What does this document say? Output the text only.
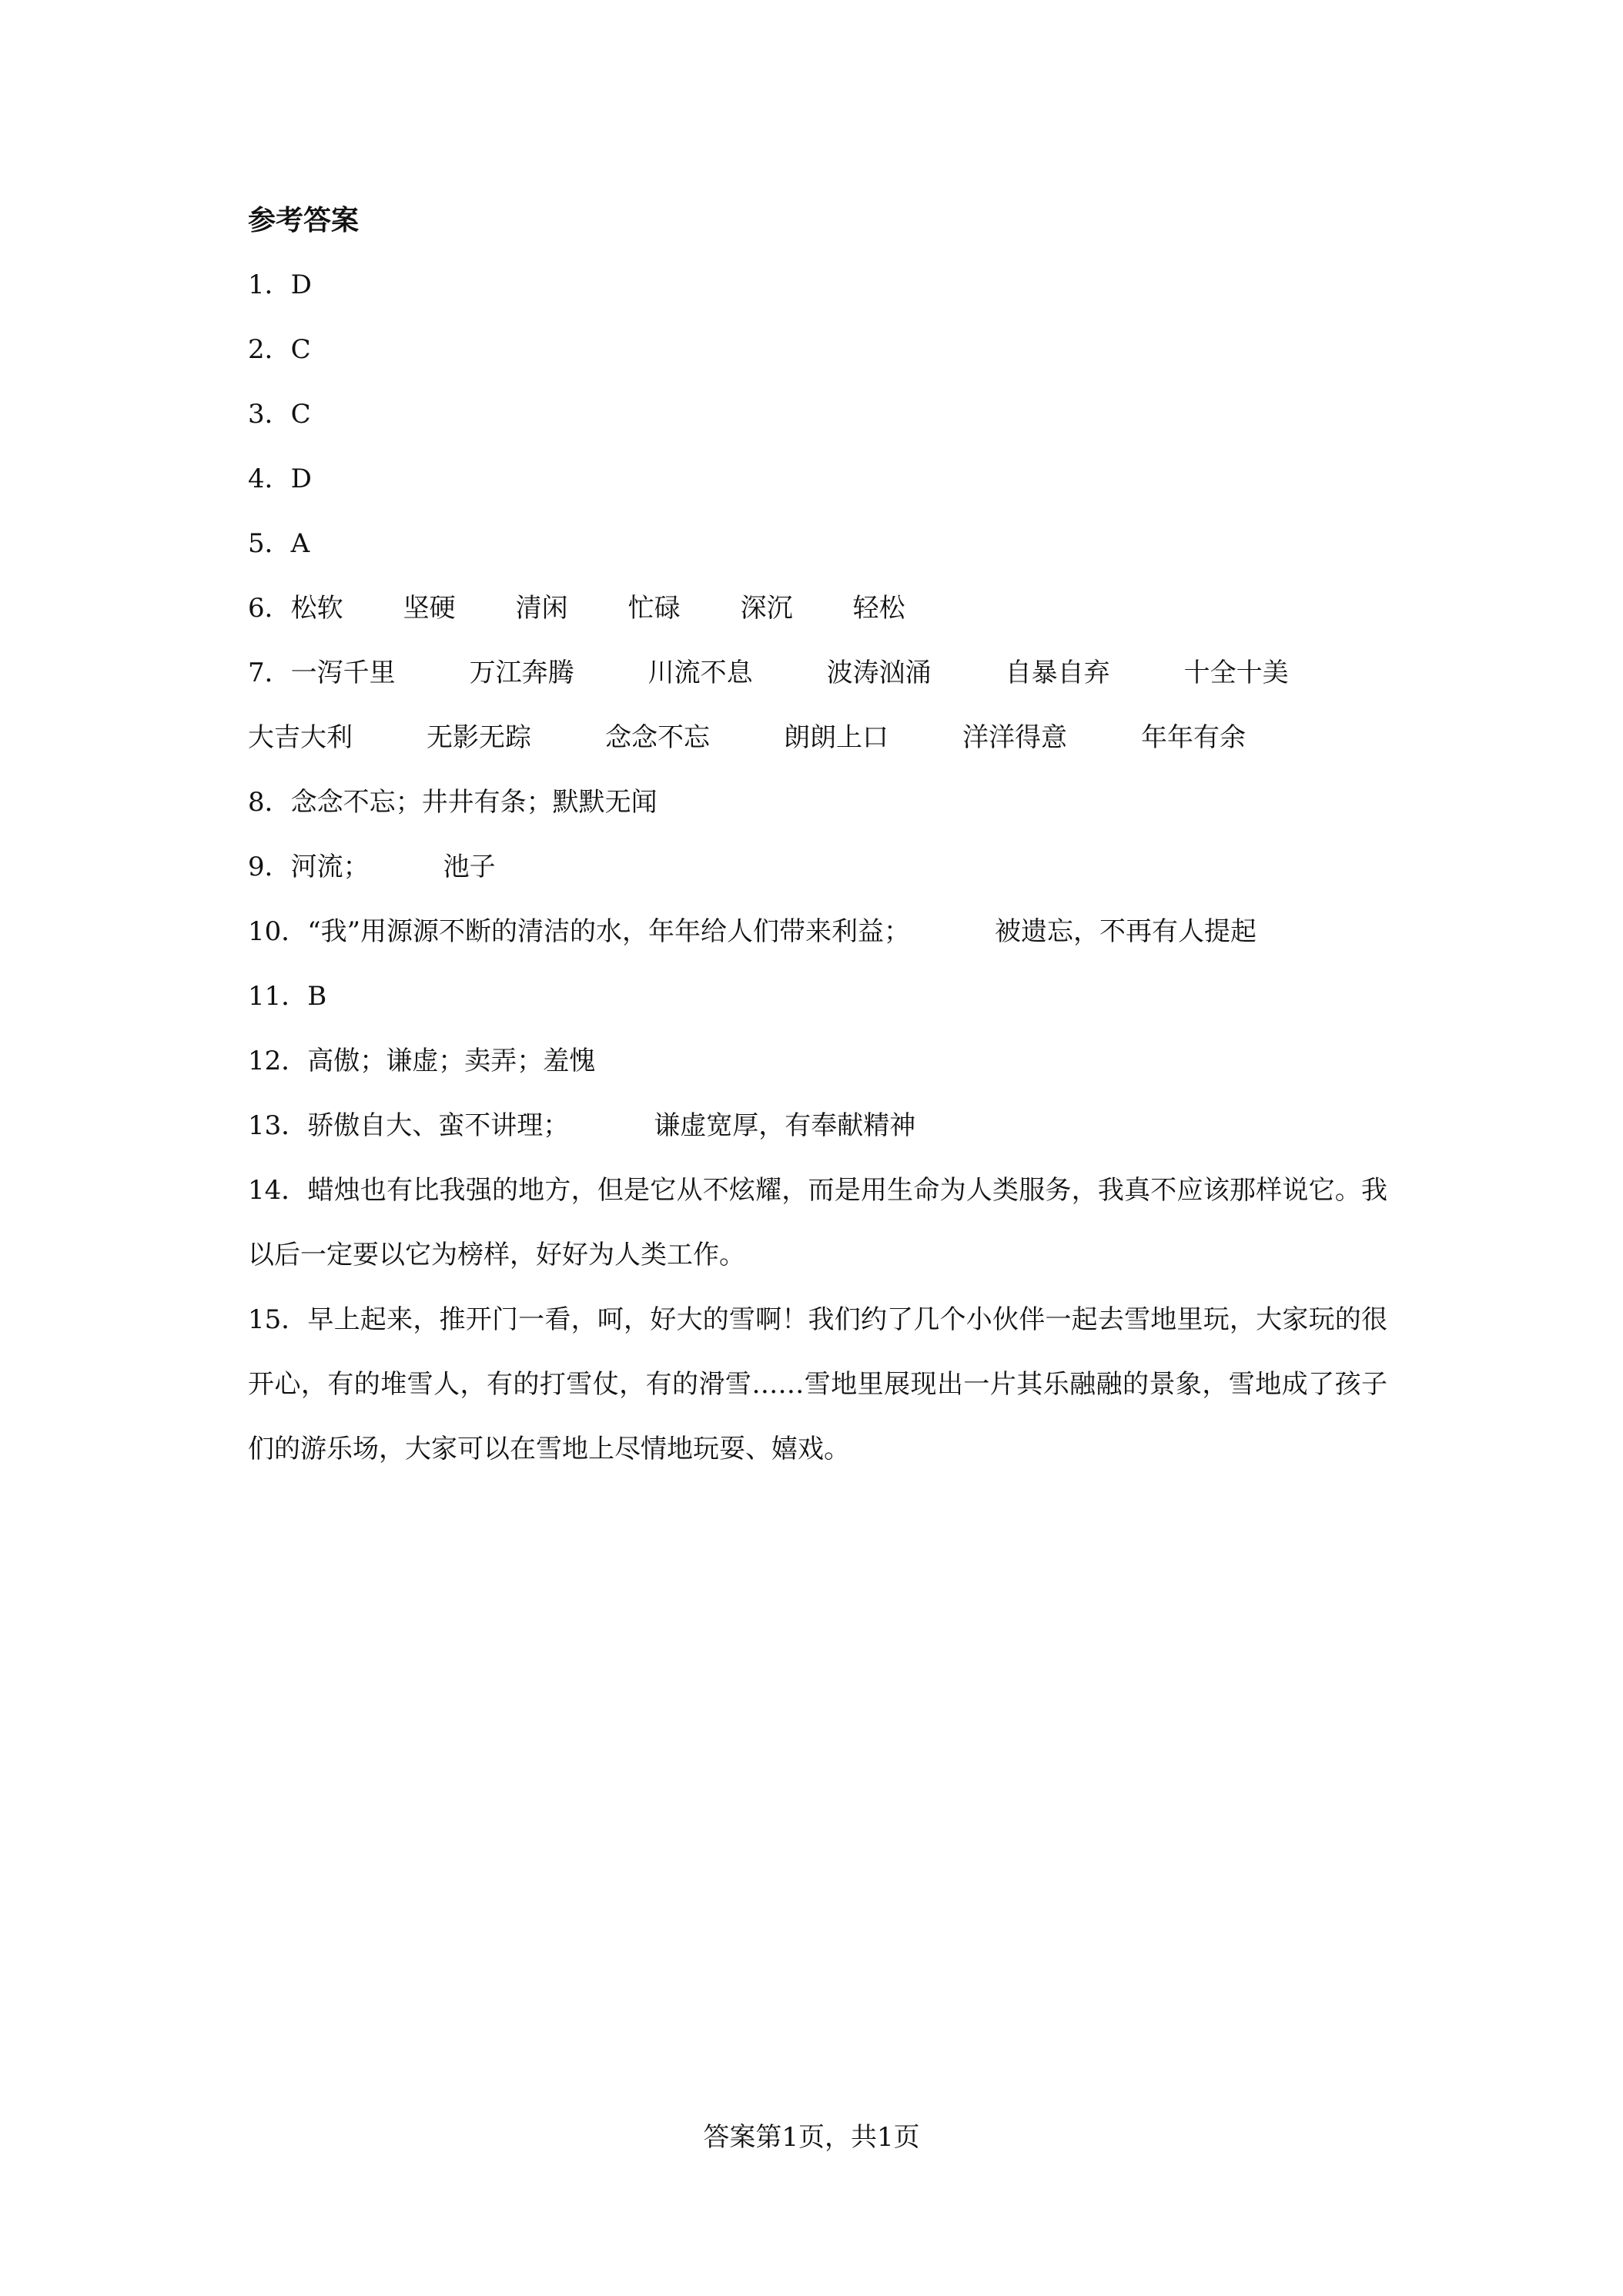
参考答案
1．D
2．C
3．C
4．D
5．A
6．松软 坚硬 清闲 忙碌 深沉 轻松
7．一泻千里	万江奔腾	川流不息	波涛汹涌	自暴自弃	十全十美
大吉大利	无影无踪	念念不忘	朗朗上口	洋洋得意	年年有余
8．念念不忘；井井有条；默默无闻
9．河流；	池子
10．“我”用源源不断的清洁的水，年年给人们带来利益；	被遗忘，不再有人提起
11．B
12．高傲；谦虚；卖弄；羞愧
13．骄傲自大、蛮不讲理；	谦虚宽厚，有奉献精神
14．蜡烛也有比我强的地方，但是它从不炫耀，而是用生命为人类服务，我真不应该那样说它。我以后一定要以它为榜样，好好为人类工作。
15．早上起来，推开门一看，呵，好大的雪啊！我们约了几个小伙伴一起去雪地里玩，大家玩的很开心，有的堆雪人，有的打雪仗，有的滑雪……雪地里展现出一片其乐融融的景象，雪地成了孩子们的游乐场，大家可以在雪地上尽情地玩耍、嬉戏。
答案第1页，共1页
